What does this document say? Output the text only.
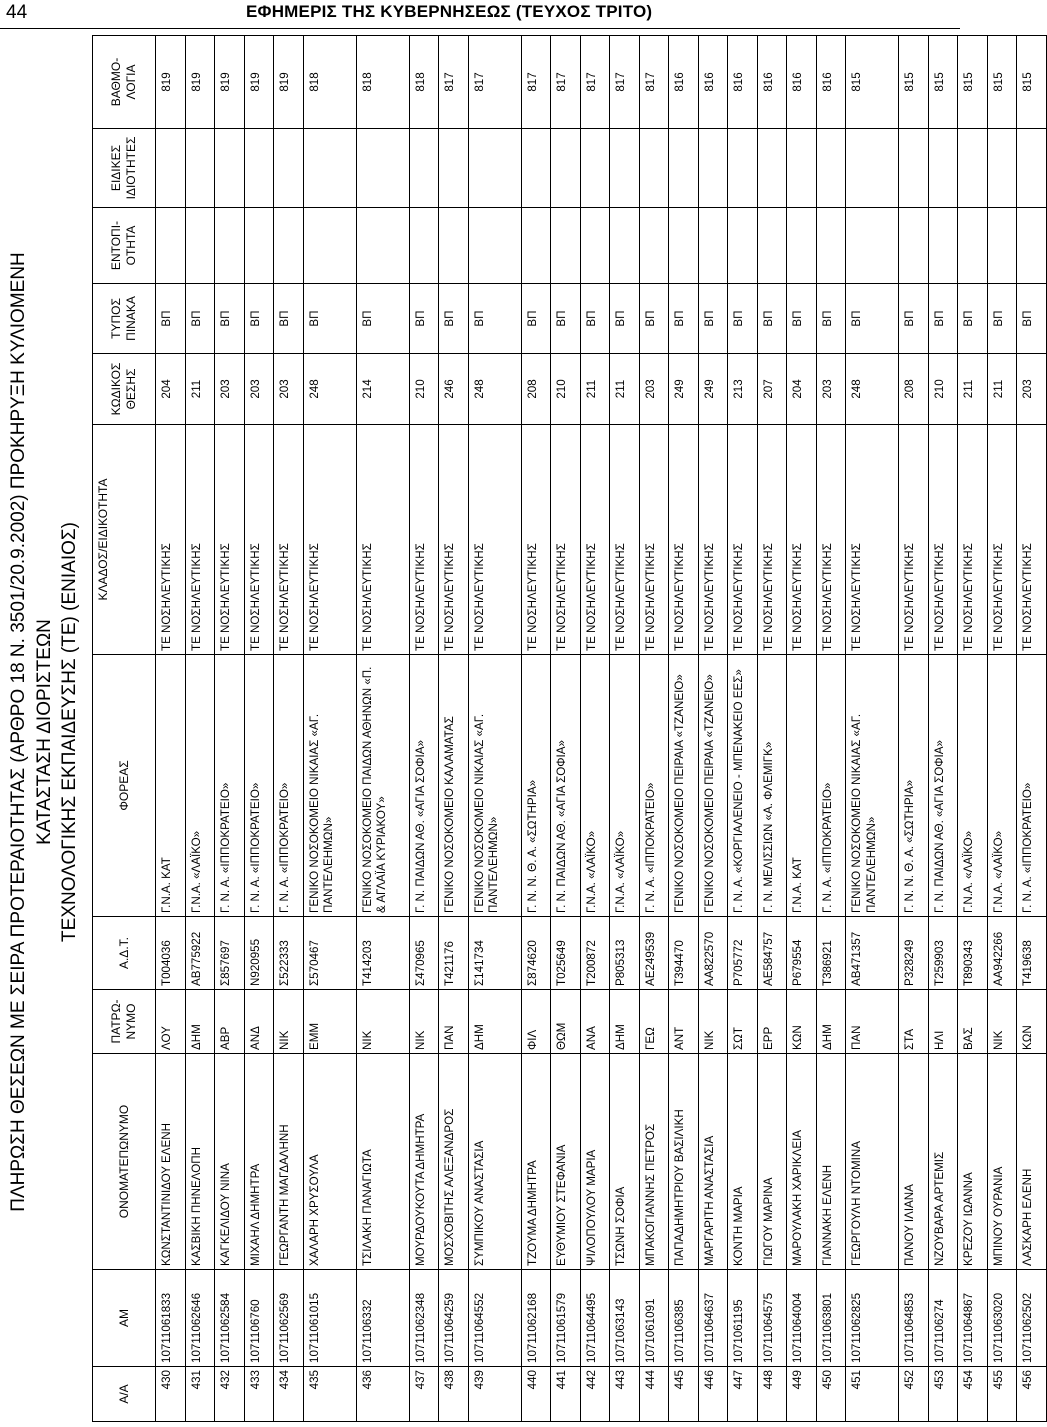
44	ΕΦΗΜΕΡΙΣ ΤΗΣ ΚΥΒΕΡΝΗΣΕΩΣ (ΤΕΥΧΟΣ ΤΡΙΤΟ)
ΠΛΗΡΩΣΗ ΘΕΣΕΩΝ ΜΕ ΣΕΙΡΑ ΠΡΟΤΕΡΑΙΟΤΗΤΑΣ (ΑΡΘΡΟ 18 Ν. 3501/20.9.2002) ΠΡΟΚΗΡΥΞΗ ΚΥΛΙΟΜΕΝΗ ΚΑΤΑΣΤΑΣΗ ΔΙΟΡΙΣΤΕΩΝ ΤΕΧΝΟΛΟΓΙΚΗΣ ΕΚΠΑΙΔΕΥΣΗΣ (ΤΕ) (ΕΝΙΑΙΟΣ)
Α/Α	ΑΜ	ΟΝΟΜΑΤΕΠΩΝΥΜΟ	ΠΑΤΡΩ-
ΝΥΜΟ	Α.Δ.Τ.	ΦΟΡΕΑΣ	ΚΛΑΔΟΣ/ΕΙΔΙΚΟΤΗΤΑ	ΚΩΔΙΚΟΣ
ΘΕΣΗΣ	ΤΥΠΟΣ
ΠΙΝΑΚΑ	ΕΝΤΟΠΙ-
ΟΤΗΤΑ	ΕΙΔΙΚΕΣ
ΙΔΙΟΤΗΤΕΣ	ΒΑΘΜΟ-
ΛΟΓΙΑ
430	10711061833	ΚΩΝΣΤΑΝΤΙΝΙΔΟΥ ΕΛΕΝΗ	ΛΟΥ	Τ004036	Γ.Ν.Α. ΚΑΤ	ΤΕ ΝΟΣΗΛΕΥΤΙΚΗΣ	204	ΒΠ			819
431	10711062646	ΚΑΣΒΙΚΗ ΠΗΝΕΛΟΠΗ	ΔΗΜ	ΑΒ775922	Γ.Ν.Α. «ΛΑΪΚΟ»	ΤΕ ΝΟΣΗΛΕΥΤΙΚΗΣ	211	ΒΠ			819
432	10711062584	ΚΑΓΚΕΛΙΔΟΥ ΝΙΝΑ	ΑΒΡ	Σ857697	Γ. Ν. Α. «ΙΠΠΟΚΡΑΤΕΙΟ»	ΤΕ ΝΟΣΗΛΕΥΤΙΚΗΣ	203	ΒΠ			819
433	1071106760	ΜΙΧΑΗΛ ΔΗΜΗΤΡΑ	ΑΝΔ	Ν920955	Γ. Ν. Α. «ΙΠΠΟΚΡΑΤΕΙΟ»	ΤΕ ΝΟΣΗΛΕΥΤΙΚΗΣ	203	ΒΠ			819
434	10711062569	ΓΕΩΡΓΑΝΤΗ ΜΑΓΔΑΛΗΝΗ	ΝΙΚ	Σ522333	Γ. Ν. Α. «ΙΠΠΟΚΡΑΤΕΙΟ»	ΤΕ ΝΟΣΗΛΕΥΤΙΚΗΣ	203	ΒΠ			819
435	10711061015	ΧΑΛΑΡΗ ΧΡΥΣΟΥΛΑ	ΕΜΜ	Σ570467	ΓΕΝΙΚΟ ΝΟΣΟΚΟΜΕΙΟ ΝΙΚΑΙΑΣ «ΑΓ. ΠΑΝΤΕΛΕΗΜΩΝ»	ΤΕ ΝΟΣΗΛΕΥΤΙΚΗΣ	248	ΒΠ			818
436	1071106332	ΤΣΙΛΑΚΗ ΠΑΝΑΓΙΩΤΑ	ΝΙΚ	Τ414203	ΓΕΝΙΚΟ ΝΟΣΟΚΟΜΕΙΟ ΠΑΙΔΩΝ ΑΘΗΝΩΝ «Π. & ΑΓΛΑΪΑ ΚΥΡΙΑΚΟΥ»	ΤΕ ΝΟΣΗΛΕΥΤΙΚΗΣ	214	ΒΠ			818
437	10711062348	ΜΟΥΡΔΟΥΚΟΥΤΑ ΔΗΜΗΤΡΑ	ΝΙΚ	Σ470965	Γ. Ν. ΠΑΙΔΩΝ ΑΘ. «ΑΓΙΑ ΣΟΦΙΑ»	ΤΕ ΝΟΣΗΛΕΥΤΙΚΗΣ	210	ΒΠ			818
438	10711064259	ΜΟΣΧΟΒΙΤΗΣ ΑΛΕΞΑΝΔΡΟΣ	ΠΑΝ	Τ421176	ΓΕΝΙΚΟ ΝΟΣΟΚΟΜΕΙΟ ΚΑΛΑΜΑΤΑΣ	ΤΕ ΝΟΣΗΛΕΥΤΙΚΗΣ	246	ΒΠ			817
439	10711064552	ΣΥΜΠΙΚΟΥ ΑΝΑΣΤΑΣΙΑ	ΔΗΜ	Σ141734	ΓΕΝΙΚΟ ΝΟΣΟΚΟΜΕΙΟ ΝΙΚΑΙΑΣ «ΑΓ. ΠΑΝΤΕΛΕΗΜΩΝ»	ΤΕ ΝΟΣΗΛΕΥΤΙΚΗΣ	248	ΒΠ			817
440	10711062168	ΤΖΟΥΜΑ ΔΗΜΗΤΡΑ	ΦΙΛ	Σ874620	Γ. Ν. Ν. Θ. Α. «ΣΩΤΗΡΙΑ»	ΤΕ ΝΟΣΗΛΕΥΤΙΚΗΣ	208	ΒΠ			817
441	10711061579	ΕΥΘΥΜΙΟΥ ΣΤΕΦΑΝΙΑ	ΘΩΜ	Τ025649	Γ. Ν. ΠΑΙΔΩΝ ΑΘ. «ΑΓΙΑ ΣΟΦΙΑ»	ΤΕ ΝΟΣΗΛΕΥΤΙΚΗΣ	210	ΒΠ			817
442	10711064495	ΨΙΛΟΠΟΥΛΟΥ ΜΑΡΙΑ	ΑΝΑ	Τ200872	Γ.Ν.Α. «ΛΑΪΚΟ»	ΤΕ ΝΟΣΗΛΕΥΤΙΚΗΣ	211	ΒΠ			817
443	1071063143	ΤΣΩΝΗ ΣΟΦΙΑ	ΔΗΜ	Ρ805313	Γ.Ν.Α. «ΛΑΪΚΟ»	ΤΕ ΝΟΣΗΛΕΥΤΙΚΗΣ	211	ΒΠ			817
444	1071061091	ΜΠΑΚΟΓΙΑΝΝΗΣ ΠΕΤΡΟΣ	ΓΕΩ	ΑΕ249539	Γ. Ν. Α. «ΙΠΠΟΚΡΑΤΕΙΟ»	ΤΕ ΝΟΣΗΛΕΥΤΙΚΗΣ	203	ΒΠ			817
445	1071106385	ΠΑΠΑΔΗΜΗΤΡΙΟΥ ΒΑΣΙΛΙΚΗ	ΑΝΤ	Τ394470	ΓΕΝΙΚΟ ΝΟΣΟΚΟΜΕΙΟ ΠΕΙΡΑΙΑ «ΤΖΑΝΕΙΟ»	ΤΕ ΝΟΣΗΛΕΥΤΙΚΗΣ	249	ΒΠ			816
446	10711064637	ΜΑΡΓΑΡΙΤΗ ΑΝΑΣΤΑΣΙΑ	ΝΙΚ	ΑΑ822570	ΓΕΝΙΚΟ ΝΟΣΟΚΟΜΕΙΟ ΠΕΙΡΑΙΑ «ΤΖΑΝΕΙΟ»	ΤΕ ΝΟΣΗΛΕΥΤΙΚΗΣ	249	ΒΠ			816
447	1071061195	ΚΟΝΤΗ ΜΑΡΙΑ	ΣΩΤ	Ρ705772	Γ. Ν. Α. «ΚΟΡΓΙΑΛΕΝΕΙΟ - ΜΠΕΝΑΚΕΙΟ ΕΕΣ»	ΤΕ ΝΟΣΗΛΕΥΤΙΚΗΣ	213	ΒΠ			816
448	10711064575	ΓΙΩΓΟΥ ΜΑΡΙΝΑ	ΕΡΡ	ΑΕ584757	Γ. Ν. ΜΕΛΙΣΣΙΩΝ «Α. ΦΛΕΜΙΓΚ»	ΤΕ ΝΟΣΗΛΕΥΤΙΚΗΣ	207	ΒΠ			816
449	10711064004	ΜΑΡΟΥΛΑΚΗ ΧΑΡΙΚΛΕΙΑ	ΚΩΝ	Ρ679554	Γ.Ν.Α. ΚΑΤ	ΤΕ ΝΟΣΗΛΕΥΤΙΚΗΣ	204	ΒΠ			816
450	10711063801	ΓΙΑΝΝΑΚΗ ΕΛΕΝΗ	ΔΗΜ	Τ386921	Γ. Ν. Α. «ΙΠΠΟΚΡΑΤΕΙΟ»	ΤΕ ΝΟΣΗΛΕΥΤΙΚΗΣ	203	ΒΠ			816
451	10711062825	ΓΕΩΡΓΟΥΛΗ ΝΤΟΜΙΝΑ	ΠΑΝ	ΑΒ471357	ΓΕΝΙΚΟ ΝΟΣΟΚΟΜΕΙΟ ΝΙΚΑΙΑΣ «ΑΓ. ΠΑΝΤΕΛΕΗΜΩΝ»	ΤΕ ΝΟΣΗΛΕΥΤΙΚΗΣ	248	ΒΠ			815
452	10711064853	ΠΑΝΟΥ ΙΛΙΑΝΑ	ΣΤΑ	Ρ328249	Γ. Ν. Ν. Θ. Α. «ΣΩΤΗΡΙΑ»	ΤΕ ΝΟΣΗΛΕΥΤΙΚΗΣ	208	ΒΠ			815
453	1071106274	ΝΖΟΥΒΑΡΑ ΑΡΤΕΜΙΣ	ΗΛΙ	Τ259903	Γ. Ν. ΠΑΙΔΩΝ ΑΘ. «ΑΓΙΑ ΣΟΦΙΑ»	ΤΕ ΝΟΣΗΛΕΥΤΙΚΗΣ	210	ΒΠ			815
454	10711064867	ΚΡΕΖΟΥ ΙΩΑΝΝΑ	ΒΑΣ	Τ890343	Γ.Ν.Α. «ΛΑΪΚΟ»	ΤΕ ΝΟΣΗΛΕΥΤΙΚΗΣ	211	ΒΠ			815
455	10711063020	ΜΠΙΝΟΥ ΟΥΡΑΝΙΑ	ΝΙΚ	ΑΑ942266	Γ.Ν.Α. «ΛΑΪΚΟ»	ΤΕ ΝΟΣΗΛΕΥΤΙΚΗΣ	211	ΒΠ			815
456	10711062502	ΛΑΣΚΑΡΗ ΕΛΕΝΗ	ΚΩΝ	Τ419638	Γ. Ν. Α. «ΙΠΠΟΚΡΑΤΕΙΟ»	ΤΕ ΝΟΣΗΛΕΥΤΙΚΗΣ	203	ΒΠ			815
